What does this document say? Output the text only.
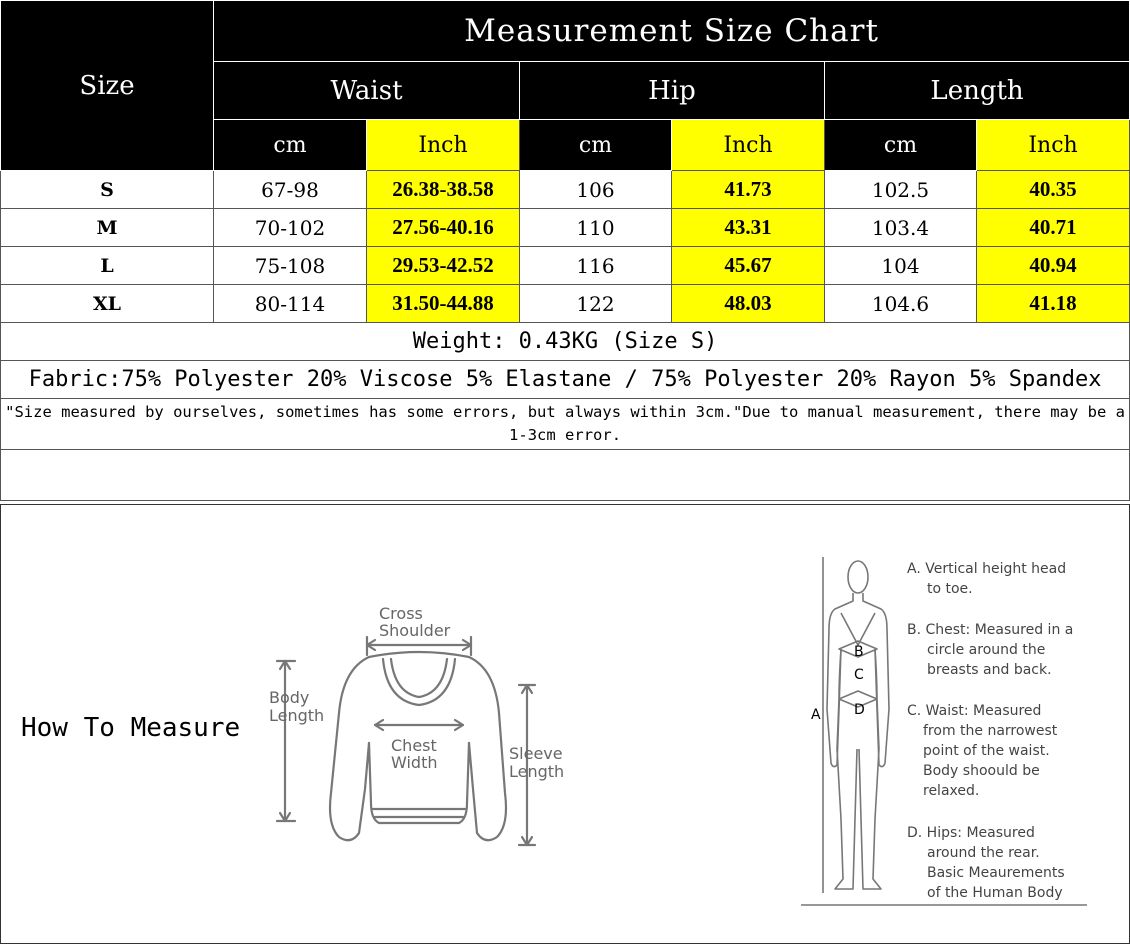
Size	Measurement Size Chart					
	Waist		Hip		Length	
	cm	Inch	cm	Inch	cm	Inch
S	67-98	26.38-38.58	106	41.73	102.5	40.35
M	70-102	27.56-40.16	110	43.31	103.4	40.71
L	75-108	29.53-42.52	116	45.67	104	40.94
XL	80-114	31.50-44.88	122	48.03	104.6	41.18
Weight: 0.43KG (Size S)						
Fabric:75% Polyester 20% Viscose 5% Elastane / 75% Polyester 20% Rayon 5% Spandex						
"Size measured by ourselves, sometimes has some errors, but always within 3cm."Due to manual measurement, there may be a 1-3cm error.						

How To Measure
Cross
Shoulder
Body
Length
Chest
Width	Sleeve
Length
A
B
C
D
A. Vertical height head
to toe.
B. Chest: Measured in a
circle around the
breasts and back.
C. Waist: Measured
from the narrowest
point of the waist.
Body shoould be
relaxed.
D. Hips: Measured
around the rear.
Basic Meaurements
of the Human Body
